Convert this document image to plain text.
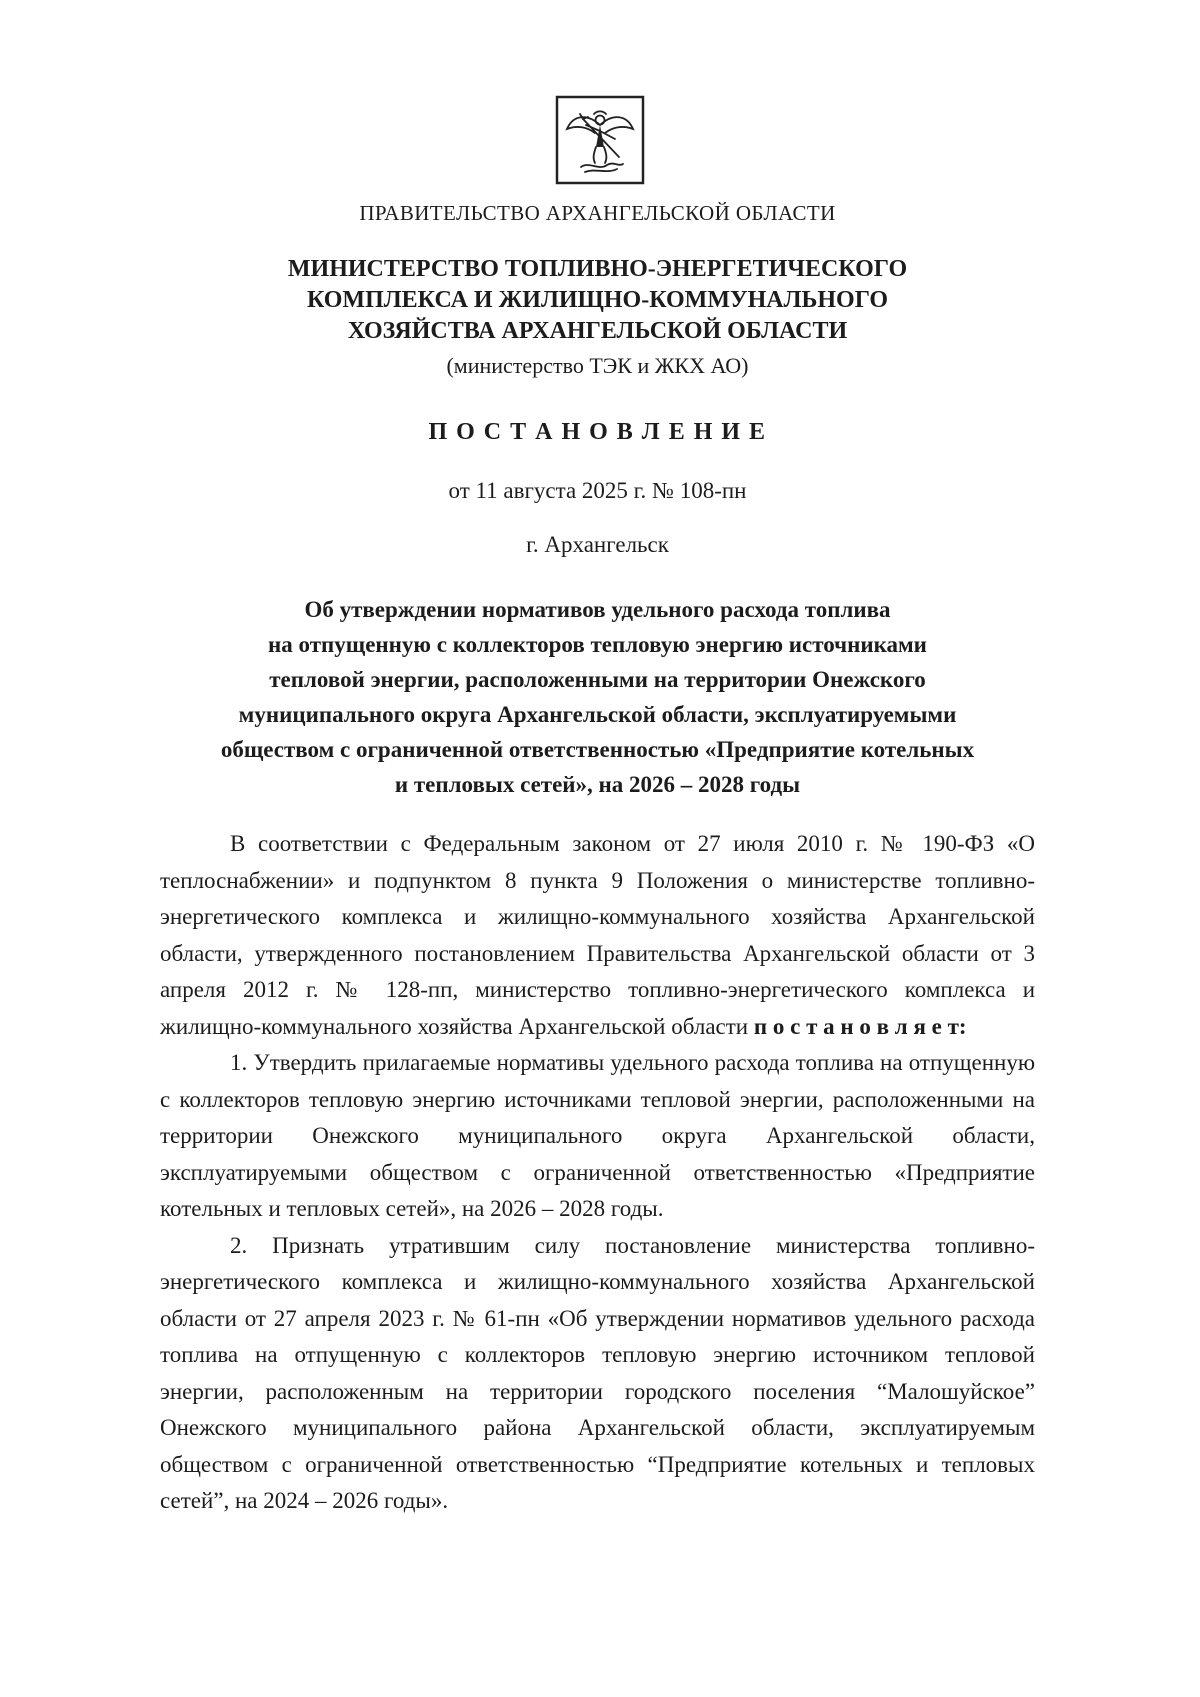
ПРАВИТЕЛЬСТВО АРХАНГЕЛЬСКОЙ ОБЛАСТИ
МИНИСТЕРСТВО ТОПЛИВНО-ЭНЕРГЕТИЧЕСКОГО
КОМПЛЕКСА И ЖИЛИЩНО-КОММУНАЛЬНОГО
ХОЗЯЙСТВА АРХАНГЕЛЬСКОЙ ОБЛАСТИ
(министерство ТЭК и ЖКХ АО)
П О С Т А Н О В Л Е Н И Е
от 11 августа 2025 г. № 108-пн
г. Архангельск
Об утверждении нормативов удельного расхода топлива
на отпущенную с коллекторов тепловую энергию источниками
тепловой энергии, расположенными на территории Онежского
муниципального округа Архангельской области, эксплуатируемыми
обществом с ограниченной ответственностью «Предприятие котельных
и тепловых сетей», на 2026 – 2028 годы

В соответствии с Федеральным законом от 27 июля 2010 г. № 190-ФЗ «О теплоснабжении» и подпунктом 8 пункта 9 Положения о министерстве топливно-энергетического комплекса и жилищно-коммунального хозяйства Архангельской области, утвержденного постановлением Правительства Архангельской области от 3 апреля 2012 г. № 128-пп, министерство топливно-энергетического комплекса и жилищно-коммунального хозяйства Архангельской области п о с т а н о в л я е т:

1. Утвердить прилагаемые нормативы удельного расхода топлива на отпущенную с коллекторов тепловую энергию источниками тепловой энергии, расположенными на территории Онежского муниципального округа Архангельской области, эксплуатируемыми обществом с ограниченной ответственностью «Предприятие котельных и тепловых сетей», на 2026 – 2028 годы.

2. Признать утратившим силу постановление министерства топливно-энергетического комплекса и жилищно-коммунального хозяйства Архангельской области от 27 апреля 2023 г. № 61-пн «Об утверждении нормативов удельного расхода топлива на отпущенную с коллекторов тепловую энергию источником тепловой энергии, расположенным на территории городского поселения “Малошуйское” Онежского муниципального района Архангельской области, эксплуатируемым обществом с ограниченной ответственностью “Предприятие котельных и тепловых сетей”, на 2024 – 2026 годы».
